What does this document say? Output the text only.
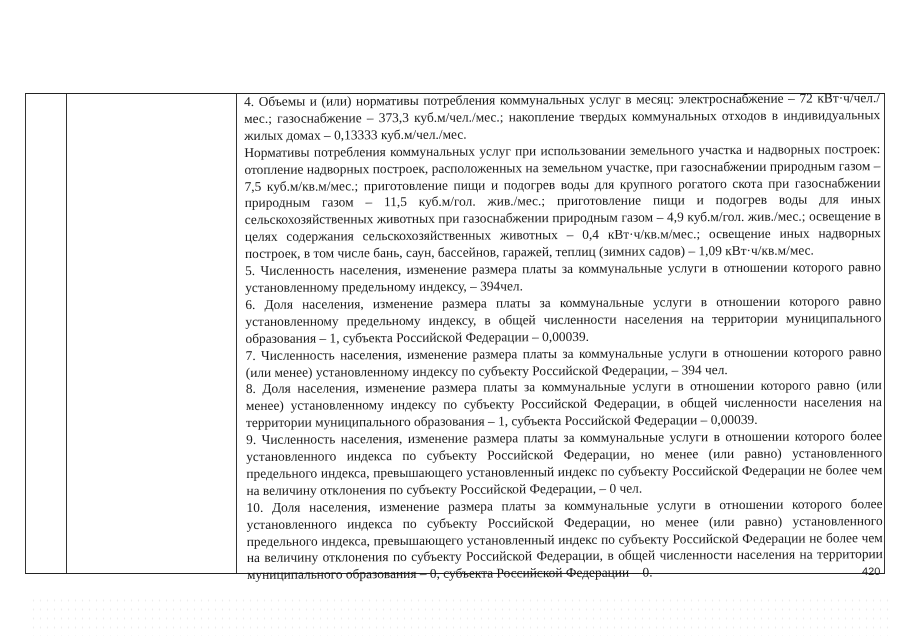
4. Объемы и (или) нормативы потребления коммунальных услуг в месяц: электроснабжение – 72 кВт·ч/чел./мес.; газоснабжение – 373,3 куб.м/чел./мес.; накопление твердых коммунальных отходов в индивидуальных жилых домах – 0,13333 куб.м/чел./мес.

Нормативы потребления коммунальных услуг при использовании земельного участка и надворных построек: отопление надворных построек, расположенных на земельном участке, при газоснабжении природным газом – 7,5 куб.м/кв.м/мес.; приготовление пищи и подогрев воды для крупного рогатого скота при газоснабжении природным газом – 11,5 куб.м/гол. жив./мес.; приготовление пищи и подогрев воды для иных сельскохозяйственных животных при газоснабжении природным газом – 4,9 куб.м/гол. жив./мес.; освещение в целях содержания сельскохозяйственных животных – 0,4 кВт·ч/кв.м/мес.; освещение иных надворных построек, в том числе бань, саун, бассейнов, гаражей, теплиц (зимних садов) – 1,09 кВт·ч/кв.м/мес.

5. Численность населения, изменение размера платы за коммунальные услуги в отношении которого равно установленному предельному индексу, – 394чел.

6. Доля населения, изменение размера платы за коммунальные услуги в отношении которого равно установленному предельному индексу, в общей численности населения на территории муниципального образования – 1, субъекта Российской Федерации – 0,00039.

7. Численность населения, изменение размера платы за коммунальные услуги в отношении которого равно (или менее) установленному индексу по субъекту Российской Федерации, – 394 чел.

8. Доля населения, изменение размера платы за коммунальные услуги в отношении которого равно (или менее) установленному индексу по субъекту Российской Федерации, в общей численности населения на территории муниципального образования – 1, субъекта Российской Федерации – 0,00039.

9. Численность населения, изменение размера платы за коммунальные услуги в отношении которого более установленного индекса по субъекту Российской Федерации, но менее (или равно) установленного предельного индекса, превышающего установленный индекс по субъекту Российской Федерации не более чем на величину отклонения по субъекту Российской Федерации, – 0 чел.

10. Доля населения, изменение размера платы за коммунальные услуги в отношении которого более установленного индекса по субъекту Российской Федерации, но менее (или равно) установленного предельного индекса, превышающего установленный индекс по субъекту Российской Федерации не более чем на величину отклонения по субъекту Российской Федерации, в общей численности населения на территории муниципального образования – 0, субъекта Российской Федерации – 0.	420
